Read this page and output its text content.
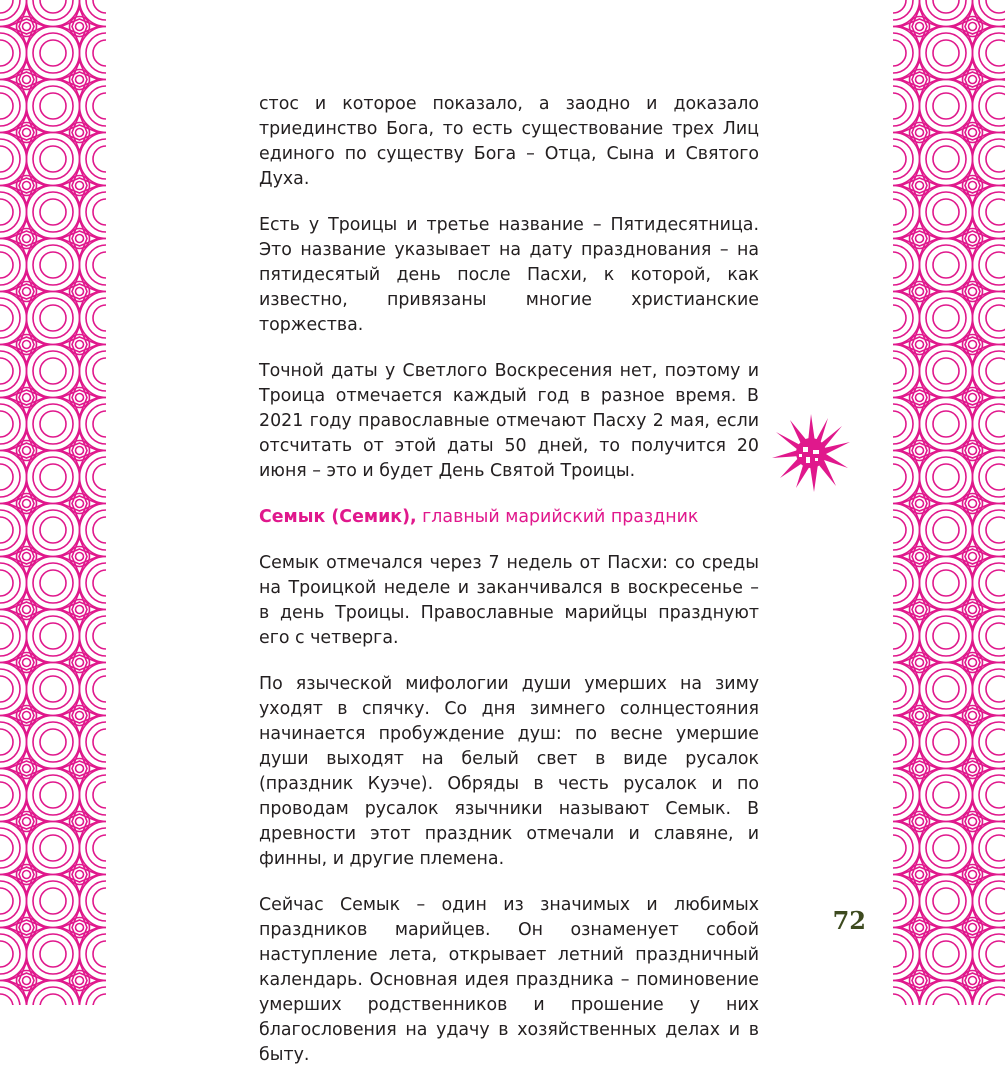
стос и которое показало, а заодно и доказало триединство Бога, то есть существование трех Лиц единого по существу Бога – Отца, Сына и Святого Духа.

Есть у Троицы и третье название – Пятидесятница. Это название указывает на дату празднования – на пятидесятый день после Пасхи, к которой, как известно, привязаны многие христианские торжества.

Точной даты у Светлого Воскресения нет, поэтому и Троица отмечается каждый год в разное время. В 2021 году православные отмечают Пасху 2 мая, если отсчитать от этой даты 50 дней, то получится 20 июня – это и будет День Святой Троицы.

Семык (Семик), главный марийский праздник

Семык отмечался через 7 недель от Пасхи: со среды на Троицкой неделе и заканчивался в воскресенье – в день Троицы. Православные марийцы празднуют его с четверга.

По языческой мифологии души умерших на зиму уходят в спячку. Со дня зимнего солнцестояния начинается пробуждение душ: по весне умершие души выходят на белый свет в виде русалок (праздник Куэче). Обряды в честь русалок и по проводам русалок язычники называют Семык. В древности этот праздник отмечали и славяне, и финны, и другие племена.

Сейчас Семык – один из значимых и любимых праздников марийцев. Он ознаменует собой наступление лета, открывает летний праздничный календарь. Основная идея праздника – поминовение умерших родственников и прошение у них благословения на удачу в хозяйственных делах и в быту.

72
